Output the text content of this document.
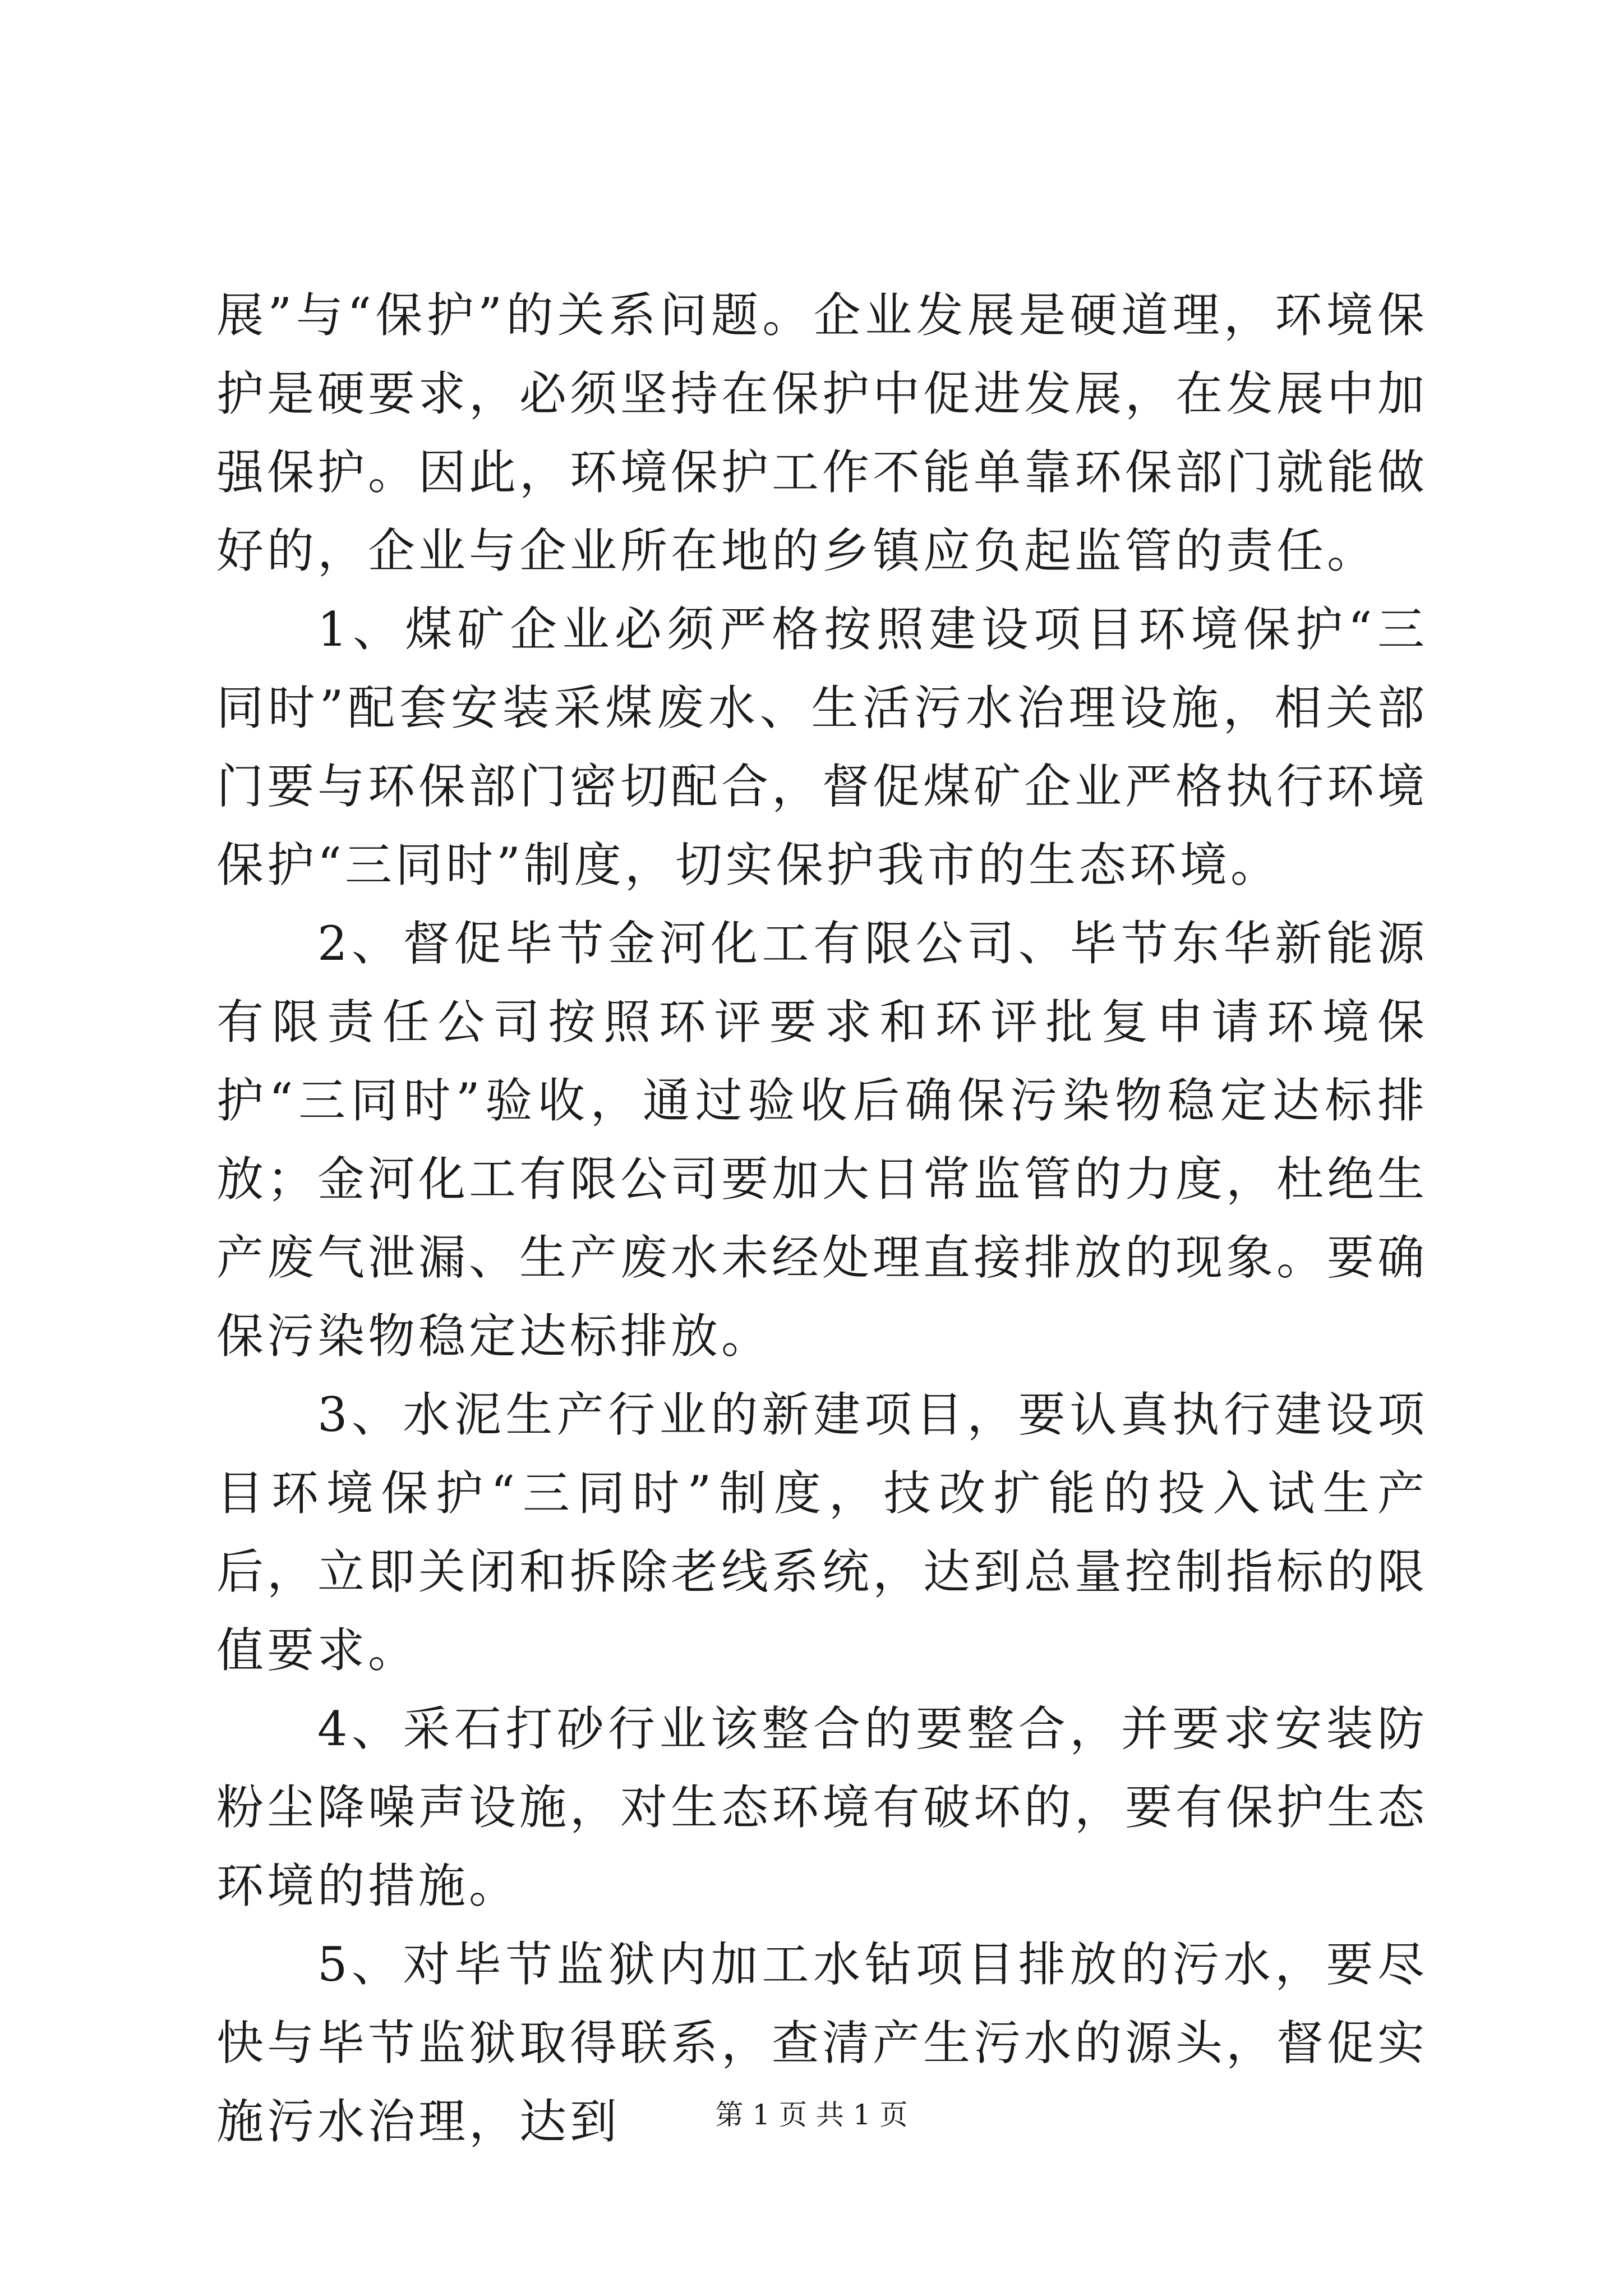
展”与“保护”的关系问题。企业发展是硬道理，环境保护是硬要求，必须坚持在保护中促进发展，在发展中加强保护。因此，环境保护工作不能单靠环保部门就能做好的，企业与企业所在地的乡镇应负起监管的责任。

1、煤矿企业必须严格按照建设项目环境保护“三同时”配套安装采煤废水、生活污水治理设施，相关部门要与环保部门密切配合，督促煤矿企业严格执行环境保护“三同时”制度，切实保护我市的生态环境。

2、督促毕节金河化工有限公司、毕节东华新能源有限责任公司按照环评要求和环评批复申请环境保护“三同时”验收，通过验收后确保污染物稳定达标排放；金河化工有限公司要加大日常监管的力度，杜绝生产废气泄漏、生产废水未经处理直接排放的现象。要确保污染物稳定达标排放。

3、水泥生产行业的新建项目，要认真执行建设项目环境保护“三同时”制度，技改扩能的投入试生产后，立即关闭和拆除老线系统，达到总量控制指标的限值要求。

4、采石打砂行业该整合的要整合，并要求安装防粉尘降噪声设施，对生态环境有破坏的，要有保护生态环境的措施。

5、对毕节监狱内加工水钻项目排放的污水，要尽快与毕节监狱取得联系，查清产生污水的源头，督促实施污水治理，达到	第 1 页 共 1 页
